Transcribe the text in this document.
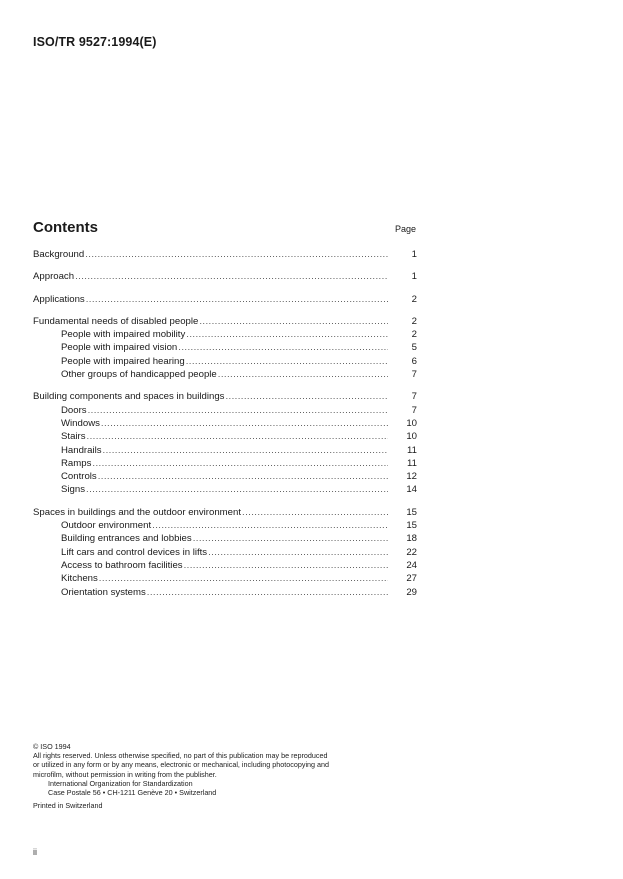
ISO/TR 9527:1994(E)
Contents	Page
Background .....	1
Approach .....	1
Applications .....	2
Fundamental needs of disabled people .....	2
People with impaired mobility .....	2
People with impaired vision .....	5
People with impaired hearing .....	6
Other groups of handicapped people .....	7
Building components and spaces in buildings .....	7
Doors .....	7
Windows .....	10
Stairs .....	10
Handrails .....	11
Ramps .....	11
Controls .....	12
Signs .....	14
Spaces in buildings and the outdoor environment .....	15
Outdoor environment .....	15
Building entrances and lobbies .....	18
Lift cars and control devices in lifts .....	22
Access to bathroom facilities .....	24
Kitchens .....	27
Orientation systems .....	29
© ISO 1994
All rights reserved. Unless otherwise specified, no part of this publication may be reproduced
or utilized in any form or by any means, electronic or mechanical, including photocopying and
microfilm, without permission in writing from the publisher.
International Organization for Standardization
Case Postale 56 • CH-1211 Genève 20 • Switzerland
Printed in Switzerland
ii
